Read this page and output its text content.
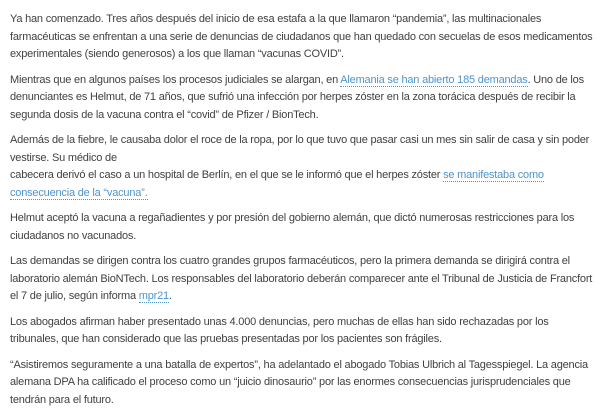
Ya han comenzado. Tres años después del inicio de esa estafa a la que llamaron “pandemia”, las multinacionales farmacéuticas se enfrentan a una serie de denuncias de ciudadanos que han quedado con secuelas de esos medicamentos experimentales (siendo generosos) a los que llaman “vacunas COVID”.

Mientras que en algunos países los procesos judiciales se alargan, en Alemania se han abierto 185 demandas. Uno de los denunciantes es Helmut, de 71 años, que sufrió una infección por herpes zóster en la zona torácica después de recibir la segunda dosis de la vacuna contra el “covid” de Pfizer / BionTech.

Además de la fiebre, le causaba dolor el roce de la ropa, por lo que tuvo que pasar casi un mes sin salir de casa y sin poder vestirse. Su médico de
cabecera derivó el caso a un hospital de Berlín, en el que se le informó que el herpes zóster se manifestaba como consecuencia de la “vacuna”.

Helmut aceptó la vacuna a regañadientes y por presión del gobierno alemán, que dictó numerosas restricciones para los ciudadanos no vacunados.

Las demandas se dirigen contra los cuatro grandes grupos farmacéuticos, pero la primera demanda se dirigirá contra el laboratorio alemán BioNTech. Los responsables del laboratorio deberán comparecer ante el Tribunal de Justicia de Francfort el 7 de julio, según informa mpr21.

Los abogados afirman haber presentado unas 4.000 denuncias, pero muchas de ellas han sido rechazadas por los tribunales, que han considerado que las pruebas presentadas por los pacientes son frágiles.

“Asistiremos seguramente a una batalla de expertos”, ha adelantado el abogado Tobias Ulbrich al Tagesspiegel. La agencia alemana DPA ha calificado el proceso como un “juicio dinosaurio” por las enormes consecuencias jurisprudenciales que tendrán para el futuro.
